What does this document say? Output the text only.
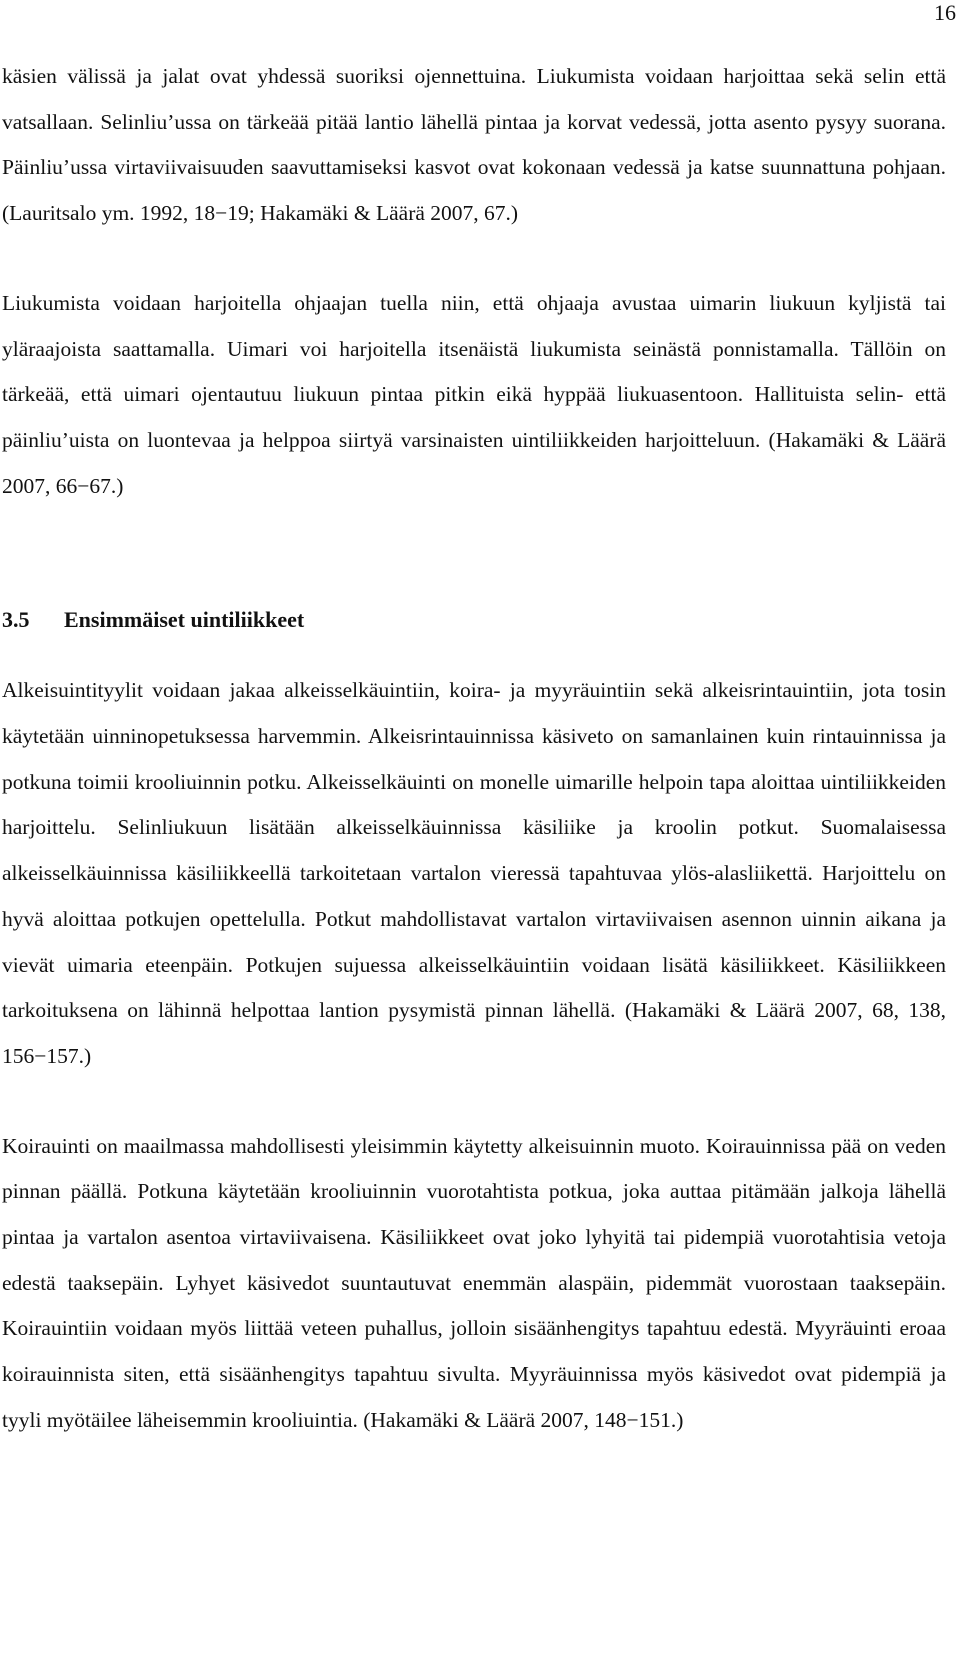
16

käsien välissä ja jalat ovat yhdessä suoriksi ojennettuina. Liukumista voidaan harjoittaa sekä selin että vatsallaan. Selinliu’ussa on tärkeää pitää lantio lähellä pintaa ja korvat vedessä, jotta asento pysyy suorana. Päinliu’ussa virtaviivaisuuden saavuttamiseksi kasvot ovat kokonaan vedessä ja katse suunnattuna pohjaan. (Lauritsalo ym. 1992, 18−19; Hakamäki & Läärä 2007, 67.)

Liukumista voidaan harjoitella ohjaajan tuella niin, että ohjaaja avustaa uimarin liukuun kyljistä tai yläraajoista saattamalla. Uimari voi harjoitella itsenäistä liukumista seinästä ponnistamalla. Tällöin on tärkeää, että uimari ojentautuu liukuun pintaa pitkin eikä hyppää liukuasentoon. Hallituista selin- että päinliu’uista on luontevaa ja helppoa siirtyä varsinaisten uintiliikkeiden harjoitteluun. (Hakamäki & Läärä 2007, 66−67.)

3.5	Ensimmäiset uintiliikkeet

Alkeisuintityylit voidaan jakaa alkeisselkäuintiin, koira- ja myyräuintiin sekä alkeisrintauintiin, jota tosin käytetään uinninopetuksessa harvemmin. Alkeisrintauinnissa käsiveto on samanlainen kuin rintauinnissa ja potkuna toimii krooliuinnin potku. Alkeisselkäuinti on monelle uimarille helpoin tapa aloittaa uintiliikkeiden harjoittelu. Selinliukuun lisätään alkeisselkäuinnissa käsiliike ja kroolin potkut. Suomalaisessa alkeisselkäuinnissa käsiliikkeellä tarkoitetaan vartalon vieressä tapahtuvaa ylös-alasliikettä. Harjoittelu on hyvä aloittaa potkujen opettelulla. Potkut mahdollistavat vartalon virtaviivaisen asennon uinnin aikana ja vievät uimaria eteenpäin. Potkujen sujuessa alkeisselkäuintiin voidaan lisätä käsiliikkeet. Käsiliikkeen tarkoituksena on lähinnä helpottaa lantion pysymistä pinnan lähellä. (Hakamäki & Läärä 2007, 68, 138, 156−157.)

Koirauinti on maailmassa mahdollisesti yleisimmin käytetty alkeisuinnin muoto. Koirauinnissa pää on veden pinnan päällä. Potkuna käytetään krooliuinnin vuorotahtista potkua, joka auttaa pitämään jalkoja lähellä pintaa ja vartalon asentoa virtaviivaisena. Käsiliikkeet ovat joko lyhyitä tai pidempiä vuorotahtisia vetoja edestä taaksepäin. Lyhyet käsivedot suuntautuvat enemmän alaspäin, pidemmät vuorostaan taaksepäin. Koirauintiin voidaan myös liittää veteen puhallus, jolloin sisäänhengitys tapahtuu edestä. Myyräuinti eroaa koirauinnista siten, että sisäänhengitys tapahtuu sivulta. Myyräuinnissa myös käsivedot ovat pidempiä ja tyyli myötäilee läheisemmin krooliuintia. (Hakamäki & Läärä 2007, 148−151.)
